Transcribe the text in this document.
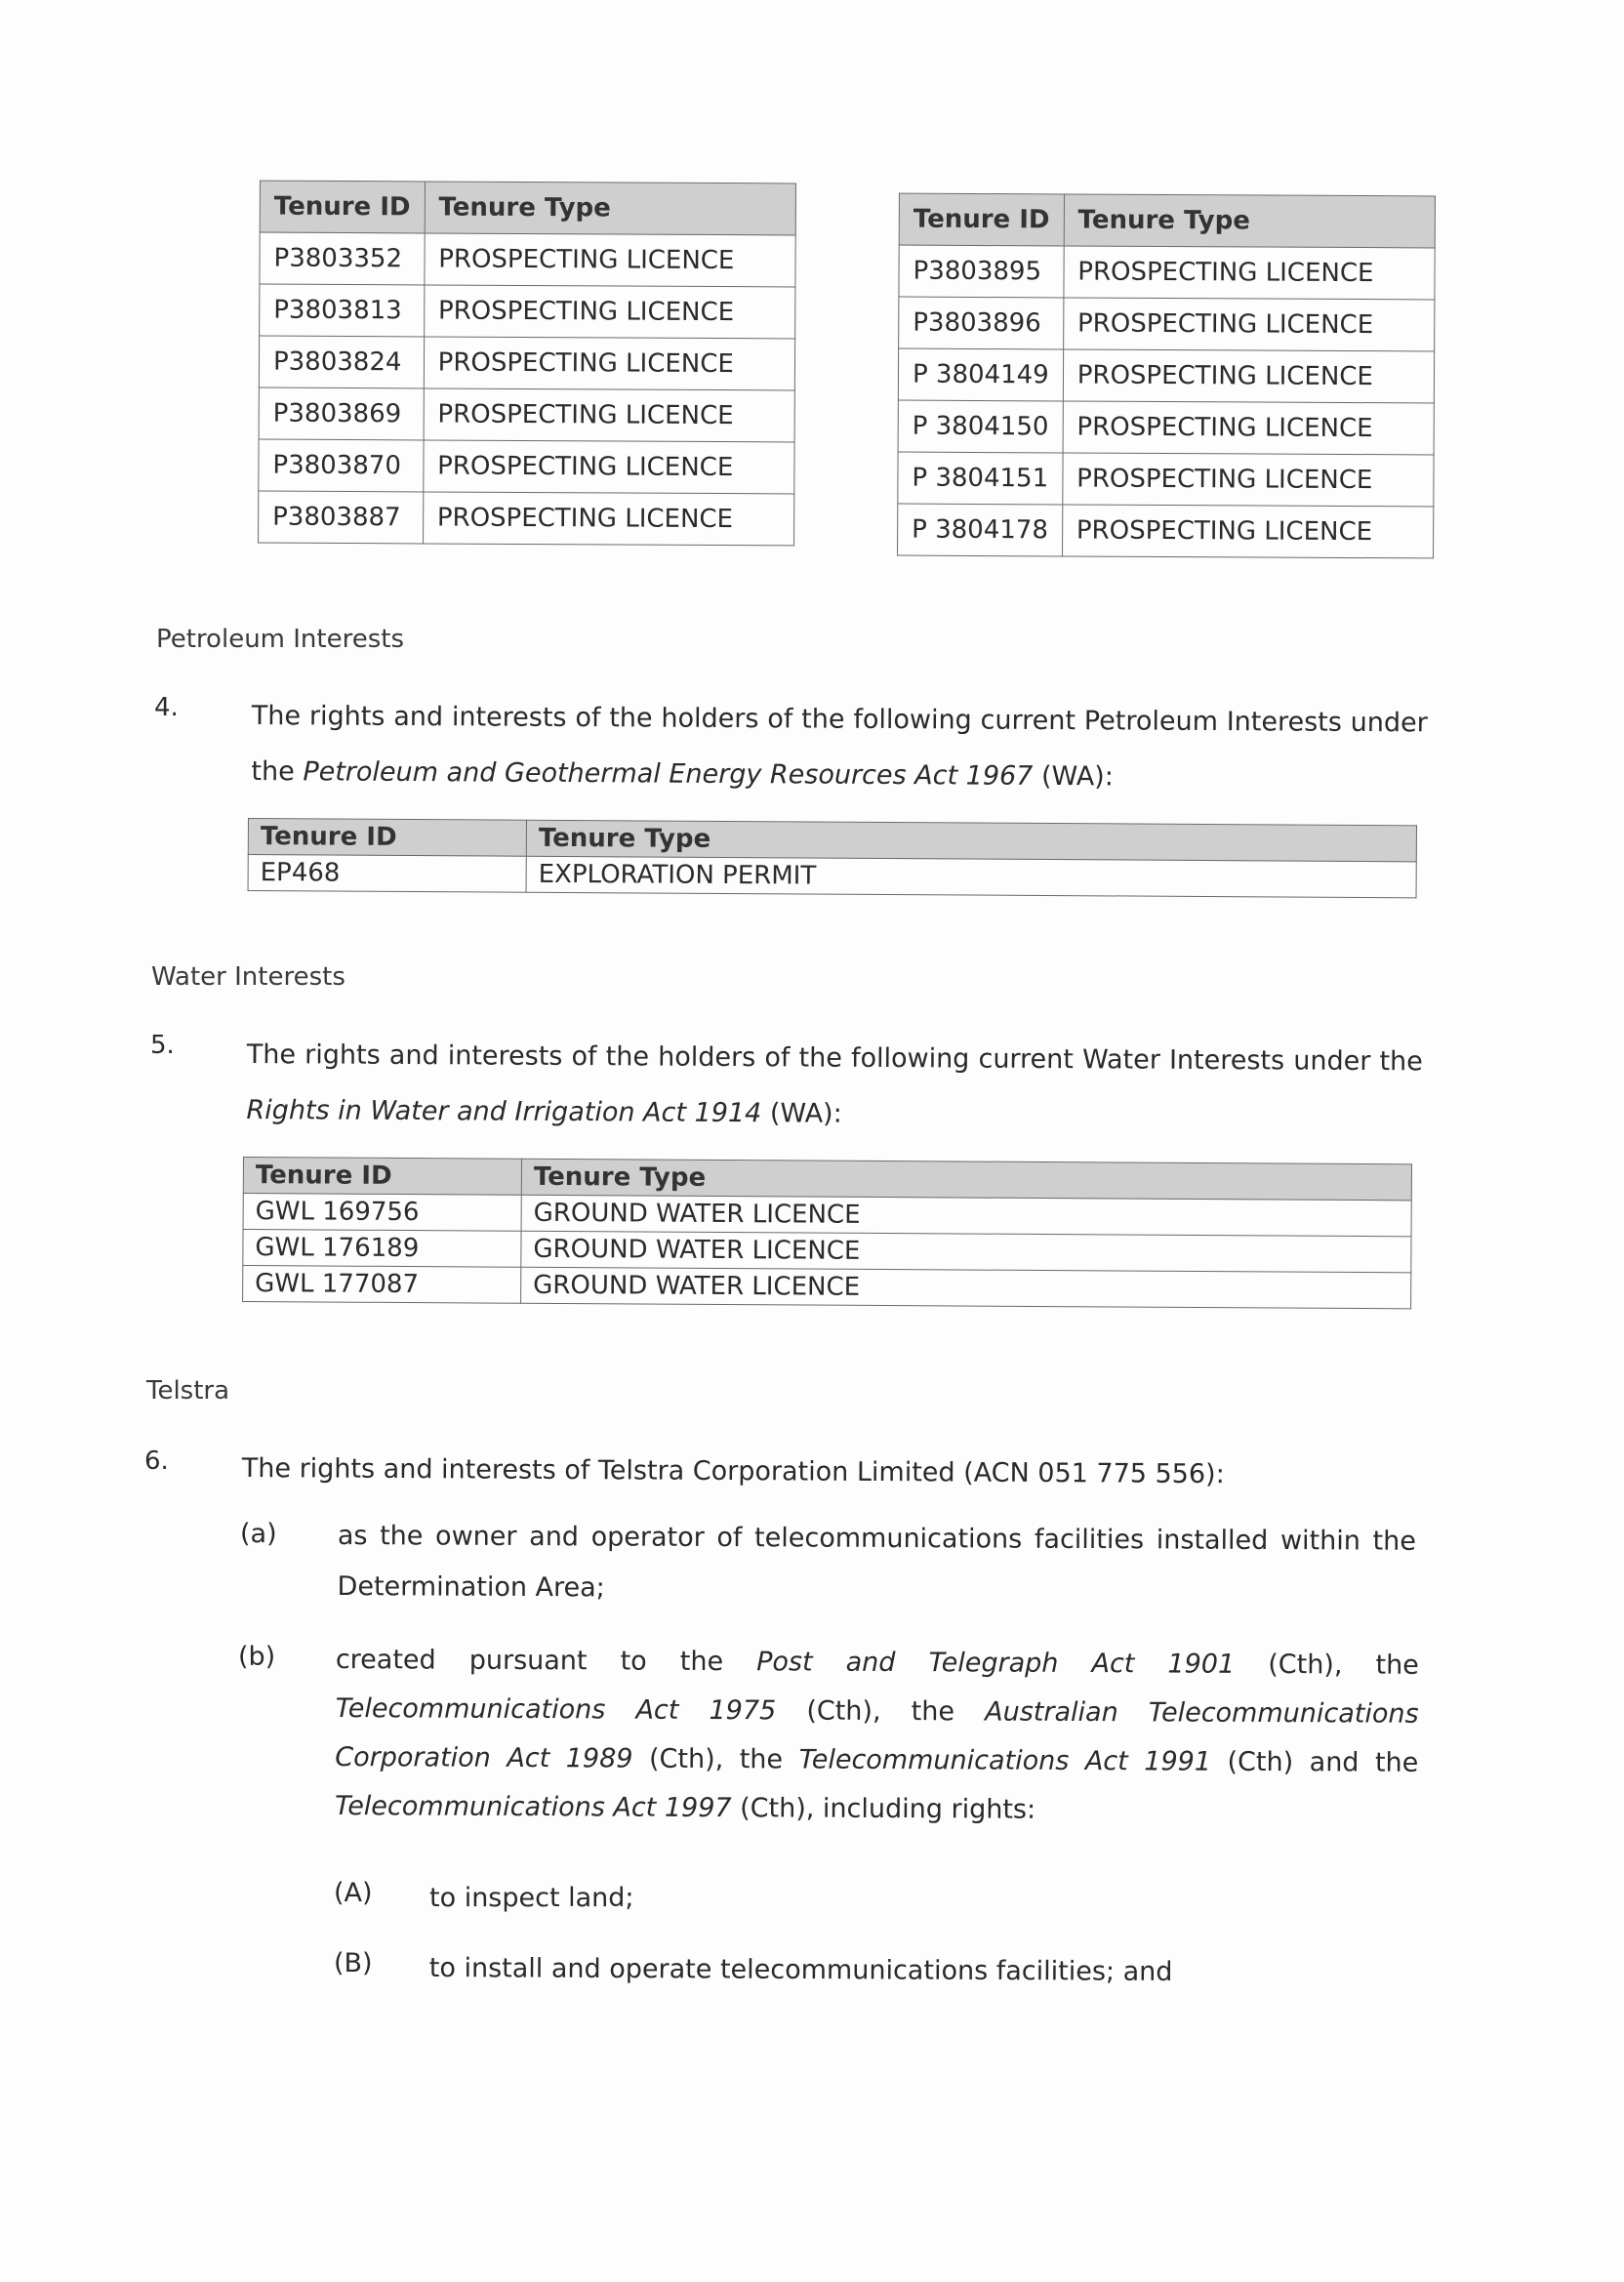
Tenure ID	Tenure Type
P3803352	PROSPECTING LICENCE
P3803813	PROSPECTING LICENCE
P3803824	PROSPECTING LICENCE
P3803869	PROSPECTING LICENCE
P3803870	PROSPECTING LICENCE
P3803887	PROSPECTING LICENCE
Tenure ID	Tenure Type
P3803895	PROSPECTING LICENCE
P3803896	PROSPECTING LICENCE
P 3804149	PROSPECTING LICENCE
P 3804150	PROSPECTING LICENCE
P 3804151	PROSPECTING LICENCE
P 3804178	PROSPECTING LICENCE
Petroleum Interests
4.	The rights and interests of the holders of the following current Petroleum Interests under the Petroleum and Geothermal Energy Resources Act 1967 (WA):
Tenure ID	Tenure Type
EP468	EXPLORATION PERMIT
Water Interests
5.	The rights and interests of the holders of the following current Water Interests under the Rights in Water and Irrigation Act 1914 (WA):
Tenure ID	Tenure Type
GWL 169756	GROUND WATER LICENCE
GWL 176189	GROUND WATER LICENCE
GWL 177087	GROUND WATER LICENCE
Telstra
6.	The rights and interests of Telstra Corporation Limited (ACN 051 775 556):
(a) as the owner and operator of telecommunications facilities installed within the Determination Area;
(b) created pursuant to the Post and Telegraph Act 1901 (Cth), the Telecommunications Act 1975 (Cth), the Australian Telecommunications Corporation Act 1989 (Cth), the Telecommunications Act 1991 (Cth) and the Telecommunications Act 1997 (Cth), including rights:
(A) to inspect land;
(B) to install and operate telecommunications facilities; and
